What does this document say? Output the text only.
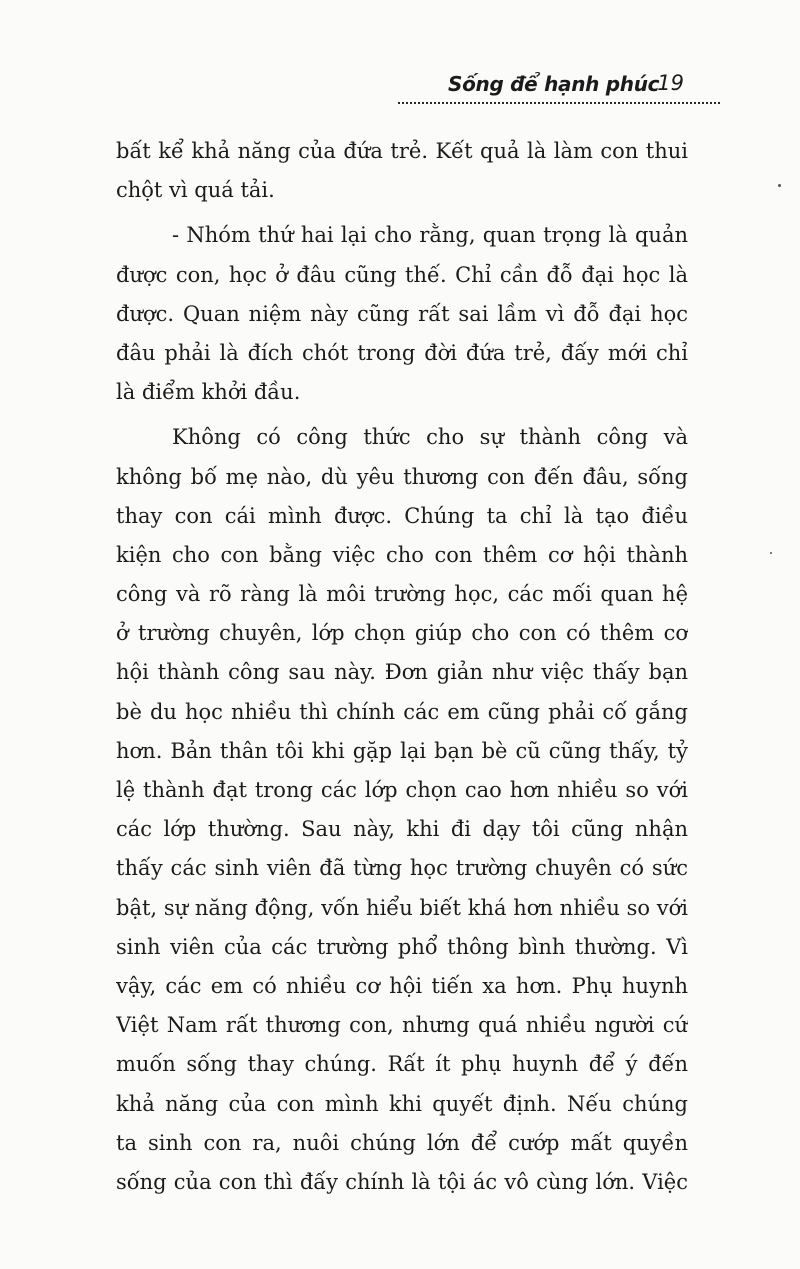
Sống để hạnh phúc
19
bất kể khả năng của đứa trẻ. Kết quả là làm con thui
chột vì quá tải.
- Nhóm thứ hai lại cho rằng, quan trọng là quản
được con, học ở đâu cũng thế. Chỉ cần đỗ đại học là
được. Quan niệm này cũng rất sai lầm vì đỗ đại học
đâu phải là đích chót trong đời đứa trẻ, đấy mới chỉ
là điểm khởi đầu.
Không có công thức cho sự thành công và
không bố mẹ nào, dù yêu thương con đến đâu, sống
thay con cái mình được. Chúng ta chỉ là tạo điều
kiện cho con bằng việc cho con thêm cơ hội thành
công và rõ ràng là môi trường học, các mối quan hệ
ở trường chuyên, lớp chọn giúp cho con có thêm cơ
hội thành công sau này. Đơn giản như việc thấy bạn
bè du học nhiều thì chính các em cũng phải cố gắng
hơn. Bản thân tôi khi gặp lại bạn bè cũ cũng thấy, tỷ
lệ thành đạt trong các lớp chọn cao hơn nhiều so với
các lớp thường. Sau này, khi đi dạy tôi cũng nhận
thấy các sinh viên đã từng học trường chuyên có sức
bật, sự năng động, vốn hiểu biết khá hơn nhiều so với
sinh viên của các trường phổ thông bình thường. Vì
vậy, các em có nhiều cơ hội tiến xa hơn. Phụ huynh
Việt Nam rất thương con, nhưng quá nhiều người cứ
muốn sống thay chúng. Rất ít phụ huynh để ý đến
khả năng của con mình khi quyết định. Nếu chúng
ta sinh con ra, nuôi chúng lớn để cướp mất quyền
sống của con thì đấy chính là tội ác vô cùng lớn. Việc
